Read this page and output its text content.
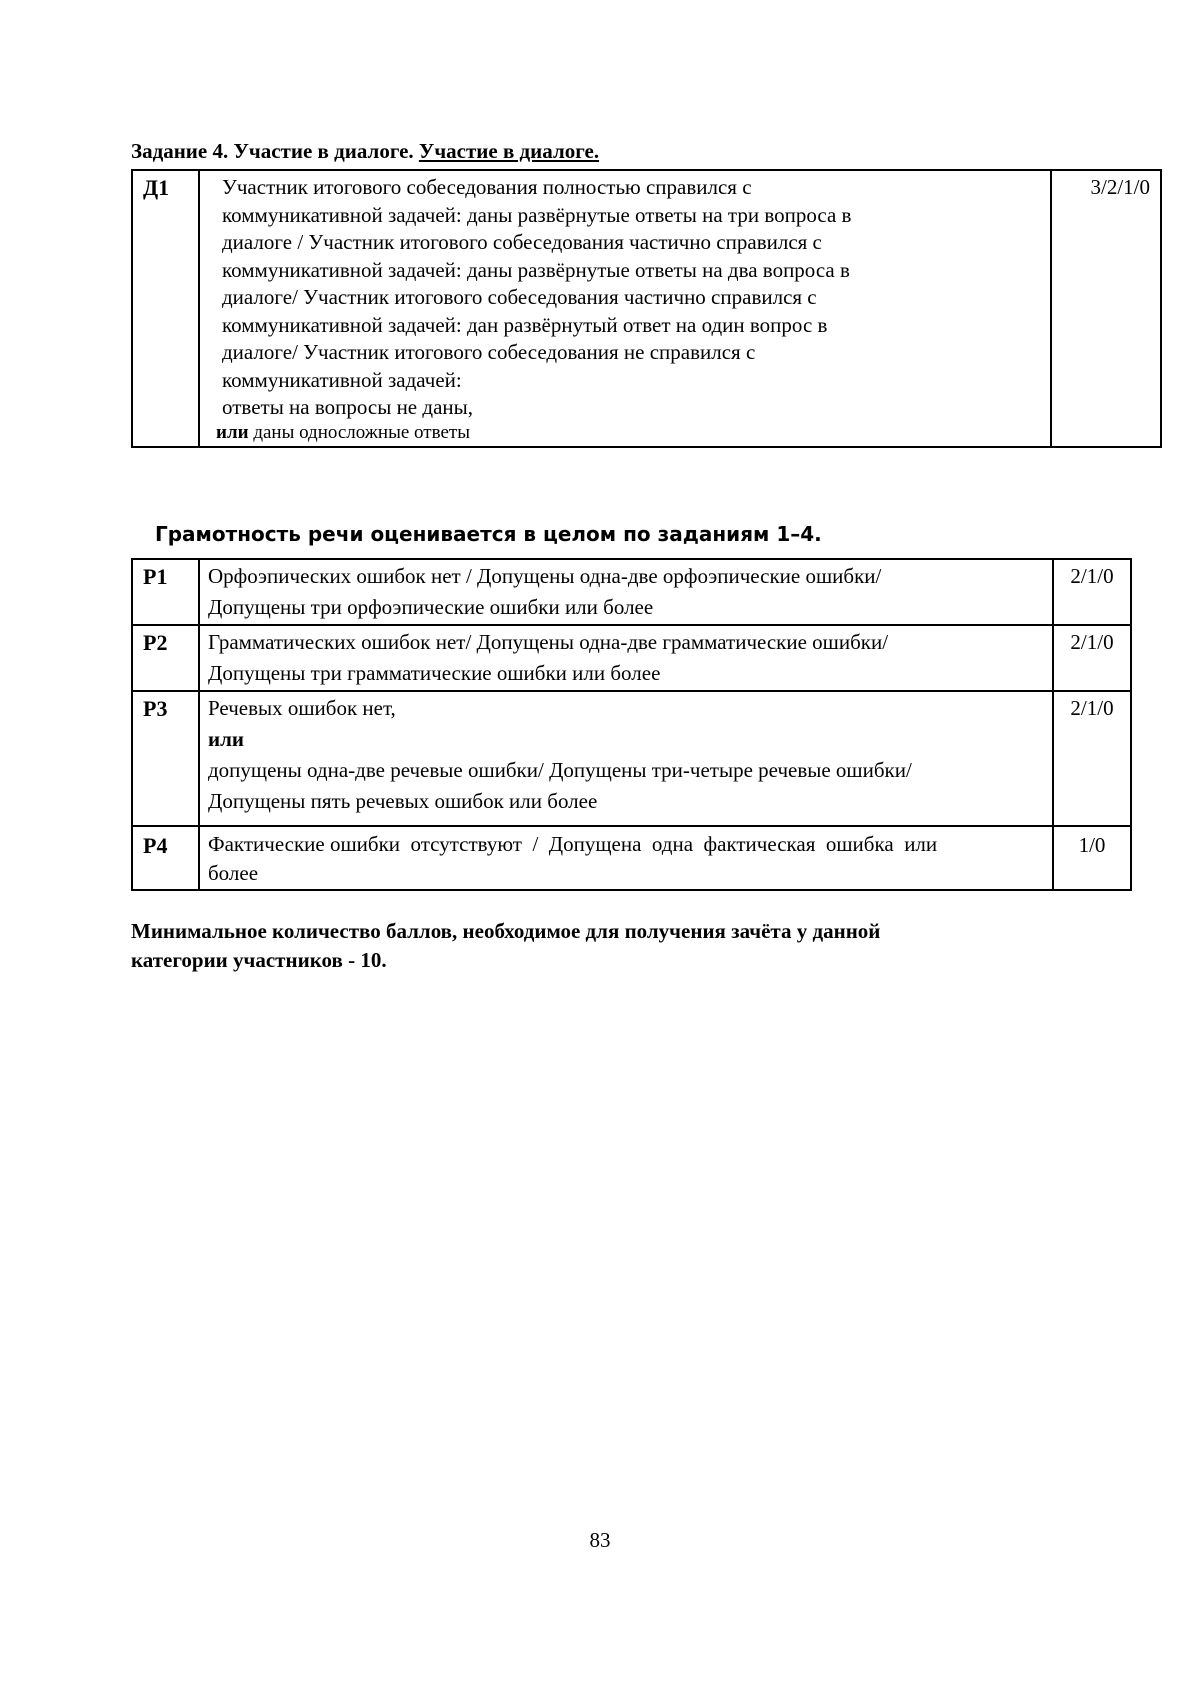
Задание 4. Участие в диалоге. Участие в диалоге.
Д1	Участник итогового собеседования полностью справился с
коммуникативной задачей: даны развёрнутые ответы на три вопроса в
диалоге / Участник итогового собеседования частично справился с
коммуникативной задачей: даны развёрнутые ответы на два вопроса в
диалоге/ Участник итогового собеседования частично справился с
коммуникативной задачей: дан развёрнутый ответ на один вопрос в
диалоге/ Участник итогового собеседования не справился с
коммуникативной задачей:
ответы на вопросы не даны,
или даны односложные ответы
	3/2/1/0
Грамотность речи оценивается в целом по заданиям 1–4.
Р1	Орфоэпических ошибок нет / Допущены одна-две орфоэпические ошибки/
Допущены три орфоэпические ошибки или более	2/1/0
Р2	Грамматических ошибок нет/ Допущены одна-две грамматические ошибки/
Допущены три грамматические ошибки или более	2/1/0
Р3	Речевых ошибок нет,
или
допущены одна-две речевые ошибки/ Допущены три-четыре речевые ошибки/
Допущены пять речевых ошибок или более	2/1/0
Р4	Фактические ошибки  отсутствуют  /  Допущена  одна  фактическая  ошибка  или
более	1/0
Минимальное количество баллов, необходимое для получения зачёта у данной
категории участников - 10.
83
